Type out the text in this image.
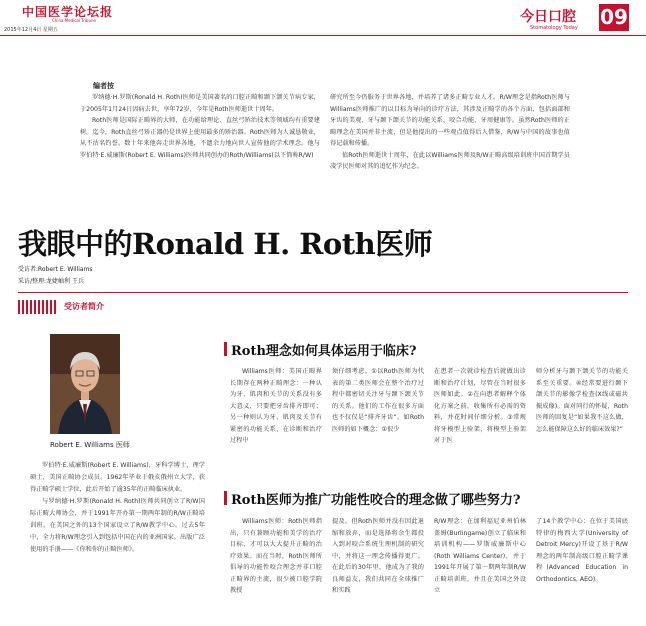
中国医学论坛报
China Medical Tribune
2015年12月4日 星期五
今日口腔
Stomatology Today 09
编者按

罗纳德·H.罗斯(Ronald H. Roth)医师是美国著名的口腔正畸和颞下颌关节病专家，于2005年1月24日因病去世，享年72岁，今年是Roth医师逝世十周年。

Roth医师是国际正畸界的大师，在功能给理论、直丝弓矫治技术等领域均有重要建树。迄今，Roth直丝弓矫正器仍是世界上使用最多的矫治器。Roth医师为人诚恳敬业，从不沽名钓誉。数十年来他奔走世界各地，不遗余力地向世人宣传他的学术理念。他与罗伯特·E.威廉斯(Robert E. Williams)医师共同创办的Roth/Williams(以下简称R/W)

研究所至今仍服务于世界各地，并培养了诸多正畸专业人才。R/W理念是指Roth医师与Williams医师推广的以目标为导向的诊疗方法，其涉及正畸学的各个方面，包括面部和牙齿的美观、牙与颞下颌关节的功能关系、咬合功能、牙周健康等。虽然Roth医师的正畸理念在美国并非主流，但是他提出的一些观点值得后人借鉴，R/W与中国的故事也值得记载和传播。

值Roth医师逝世十周年，在此以Williams医师及R/W正畸高级培训班中国首期学员凌学民医师对其的追忆作为纪念。

我眼中的Ronald H. Roth医师
受访者:Robert E. Williams
采访/整理:龙婕岫利 王兵
受访者简介
Robert E. Williams 医师

罗伯特·E.威廉斯(Robert E. Williams)，牙科学博士，理学硕士，美国正畸协会成员。1962年毕业于俄亥俄州立大学，获得正畸学硕士学位，此后开始了逾35年的正畸临床执业。

与罗纳德·H.罗斯(Ronald H. Roth)医师共同创立了R/W国际正畸大师协会，并于1991年开办第一期两年制的R/W正畸培训班。在美国之外的13个国家设立了R/W教学中心。过去5年中，全力将R/W理念引入到包括中国在内的亚洲国家。出版广泛使用的手册——《你和你的正畸医师》。

Roth理念如何具体运用于临床?

Williams医师：美国正畸界长期存在两种正畸理念：一种认为牙、肌肉和关节的关系没有多大意义，只要把牙齿排齐即可；另一种则认为牙、肌肉及关节有紧密的功能关系，在诊断和治疗过程中

须仔细考虑。①以Roth医师为代表的第二类医师会在整个治疗过程中都密切关注牙与颞下颌关节的关系。他们的工作在很多方面也不仅仅是“排齐牙齿”。如Roth医师的如下概念：①很少

在患者一次就诊检查后就做出诊断和治疗计划，尽管在当时很多医师如此。②在向患者解释个体化方案之前，收集所有必需的资料，并花时间仔细分析。③常规将牙模型上验架，将模型上验架对于医

师分析牙与颞下颌关节的功能关系至关重要。④经常要进行颞下颌关节的影像学检查(X线或磁共振成像)。面对同行的怀疑，Roth医师的回复是“如果我不这么做，怎么能保障这么好的临床效果?”

Roth医师为推广功能性咬合的理念做了哪些努力?

Williams医师：Roth医师指出，只有兼顾功能和美学的治疗目标，才可以大大提升正畸的治疗效果。而在当时，Roth医师所倡导的功能性咬合理念并非口腔正畸界的主流，很少被口腔学院教授

提及。但Roth医师并没有因此退缩和放弃，而是选择将余生都投入到对咬合系统生理机制的研究中，并将这一理念传播得更广。在此后的30年里，他成为了我的良师益友，我们共同在全球推广和实践

R/W理念：在加利福尼亚州伯林盖姆(Burlingame)创立了临床和培训机构——罗斯威廉斯中心(Roth Williams Center)，并于1991年开展了第一期两年制R/W正畸培训班，并且在美国之外设立

了14个教学中心：在位于美国底特律的梅西大学(University of Detroit Mercy)开设了基于R/W理念的两年制高级口腔正畸学课程(Advanced Education in Orthodontics, AEO)。
